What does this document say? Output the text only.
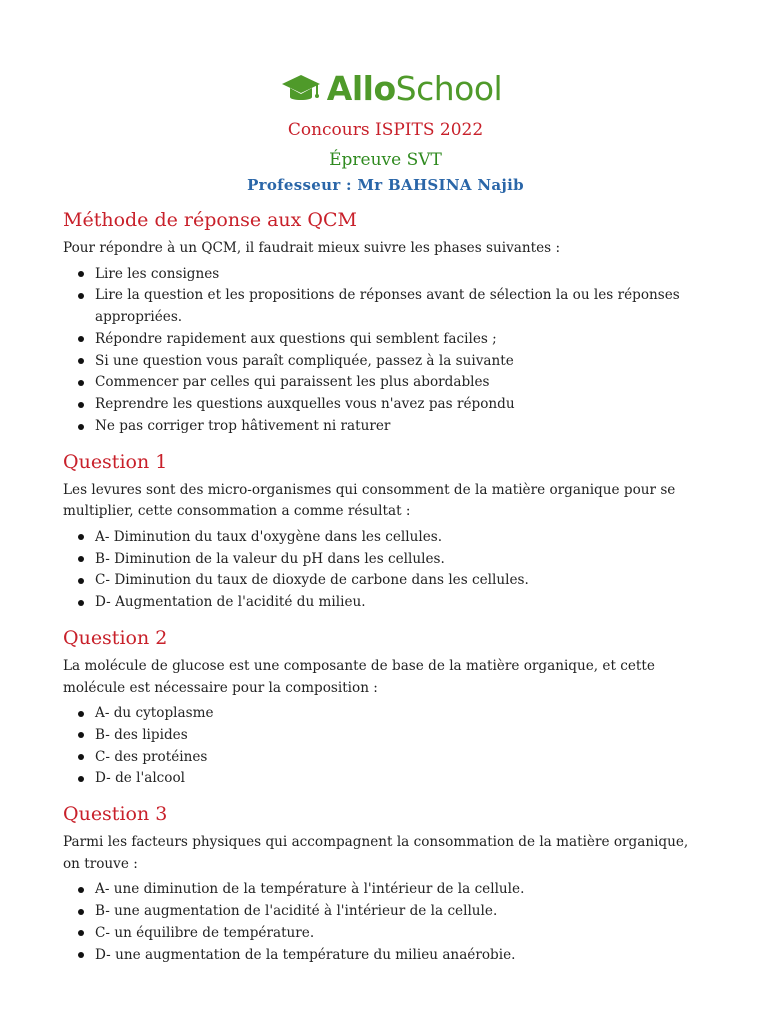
AlloSchool
Concours ISPITS 2022
Épreuve SVT
Professeur : Mr BAHSINA Najib
Méthode de réponse aux QCM

Pour répondre à un QCM, il faudrait mieux suivre les phases suivantes :

Lire les consignes
Lire la question et les propositions de réponses avant de sélection la ou les réponses appropriées.
Répondre rapidement aux questions qui semblent faciles ;
Si une question vous paraît compliquée, passez à la suivante
Commencer par celles qui paraissent les plus abordables
Reprendre les questions auxquelles vous n'avez pas répondu
Ne pas corriger trop hâtivement ni raturer
Question 1

Les levures sont des micro-organismes qui consomment de la matière organique pour se multiplier, cette consommation a comme résultat :

A- Diminution du taux d'oxygène dans les cellules.
B- Diminution de la valeur du pH dans les cellules.
C- Diminution du taux de dioxyde de carbone dans les cellules.
D- Augmentation de l'acidité du milieu.
Question 2

La molécule de glucose est une composante de base de la matière organique, et cette molécule est nécessaire pour la composition :

A- du cytoplasme
B- des lipides
C- des protéines
D- de l'alcool
Question 3

Parmi les facteurs physiques qui accompagnent la consommation de la matière organique, on trouve :

A- une diminution de la température à l'intérieur de la cellule.
B- une augmentation de l'acidité à l'intérieur de la cellule.
C- un équilibre de température.
D- une augmentation de la température du milieu anaérobie.
